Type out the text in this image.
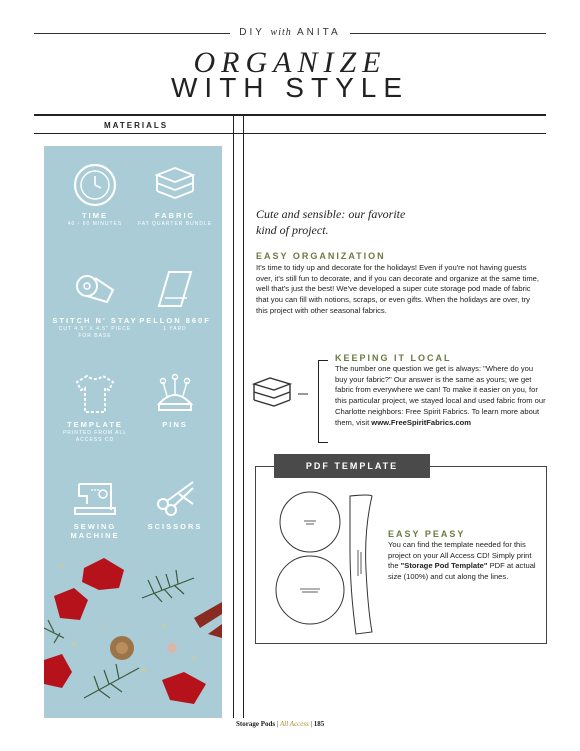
DIY with ANITA
ORGANIZE
WITH STYLE
MATERIALS
TIME
40 - 60 MINUTES
FABRIC
FAT QUARTER BUNDLE
STITCH N' STAY
CUT 4.5" X 4.5" PIECE FOR BASE
PELLON 860F
1 YARD
TEMPLATE
PRINTED FROM ALL ACCESS CD
PINS
SEWING MACHINE
SCISSORS
Cute and sensible: our favorite kind of project.
EASY ORGANIZATION
It's time to tidy up and decorate for the holidays! Even if you're not having guests over, it's still fun to decorate, and if you can decorate and organize at the same time, well that's just the best! We've developed a super cute storage pod made of fabric that you can fill with notions, scraps, or even gifts. When the holidays are over, try this project with other seasonal fabrics.
KEEPING IT LOCAL
The number one question we get is always: "Where do you buy your fabric?" Our answer is the same as yours; we get fabric from everywhere we can! To make it easier on you, for this particular project, we stayed local and used fabric from our Charlotte neighbors: Free Spirit Fabrics. To learn more about them, visit www.FreeSpiritFabrics.com
PDF TEMPLATE
EASY PEASY
You can find the template needed for this project on your All Access CD! Simply print the "Storage Pod Template" PDF at actual size (100%) and cut along the lines.
Storage Pods | All Access | 185
